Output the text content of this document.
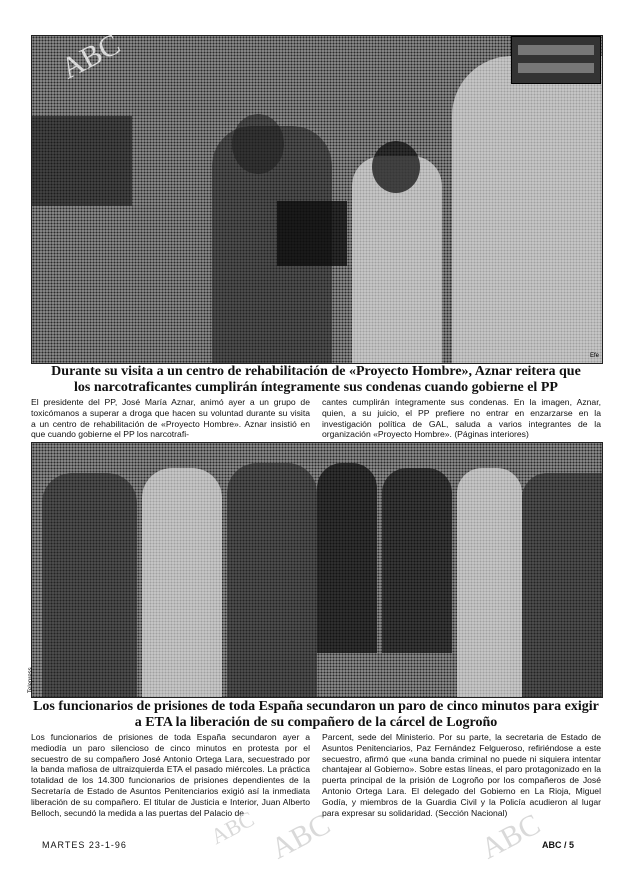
Efe
Durante su visita a un centro de rehabilitación de «Proyecto Hombre», Aznar reitera que
los narcotraficantes cumplirán íntegramente sus condenas cuando gobierne el PP

El presidente del PP, José María Aznar, animó ayer a un grupo de toxicómanos a superar a droga que hacen su voluntad durante su visita a un centro de rehabilitación de «Proyecto Hombre». Aznar insistió en que cuando gobierne el PP los narcotrafi-

cantes cumplirán íntegramente sus condenas. En la imagen, Aznar, quien, a su juicio, el PP prefiere no entrar en enzarzarse en la investigación política de GAL, saluda a varios integrantes de la organización «Proyecto Hombre». (Páginas interiores)

Telepress
Los funcionarios de prisiones de toda España secundaron un paro de cinco minutos para exigir
a ETA la liberación de su compañero de la cárcel de Logroño

Los funcionarios de prisiones de toda España secundaron ayer a mediodía un paro silencioso de cinco minutos en protesta por el secuestro de su compañero José Antonio Ortega Lara, secuestrado por la banda mafiosa de ultraizquierda ETA el pasado miércoles. La práctica totalidad de los 14.300 funcionarios de prisiones dependientes de la Secretaría de Estado de Asuntos Penitenciarios exigió así la inmediata liberación de su compañero. El titular de Justicia e Interior, Juan Alberto Belloch, secundó la medida a las puertas del Palacio de

Parcent, sede del Ministerio. Por su parte, la secretaria de Estado de Asuntos Penitenciarios, Paz Fernández Felgueroso, refiriéndose a este secuestro, afirmó que «una banda criminal no puede ni siquiera intentar chantajear al Gobierno». Sobre estas líneas, el paro protagonizado en la puerta principal de la prisión de Logroño por los compañeros de José Antonio Ortega Lara. El delegado del Gobierno en La Rioja, Miguel Godía, y miembros de la Guardia Civil y la Policía acudieron al lugar para expresar su solidaridad. (Sección Nacional)

MARTES 23-1-96	ABC / 5
ABC
ABC	ABC
ABC
